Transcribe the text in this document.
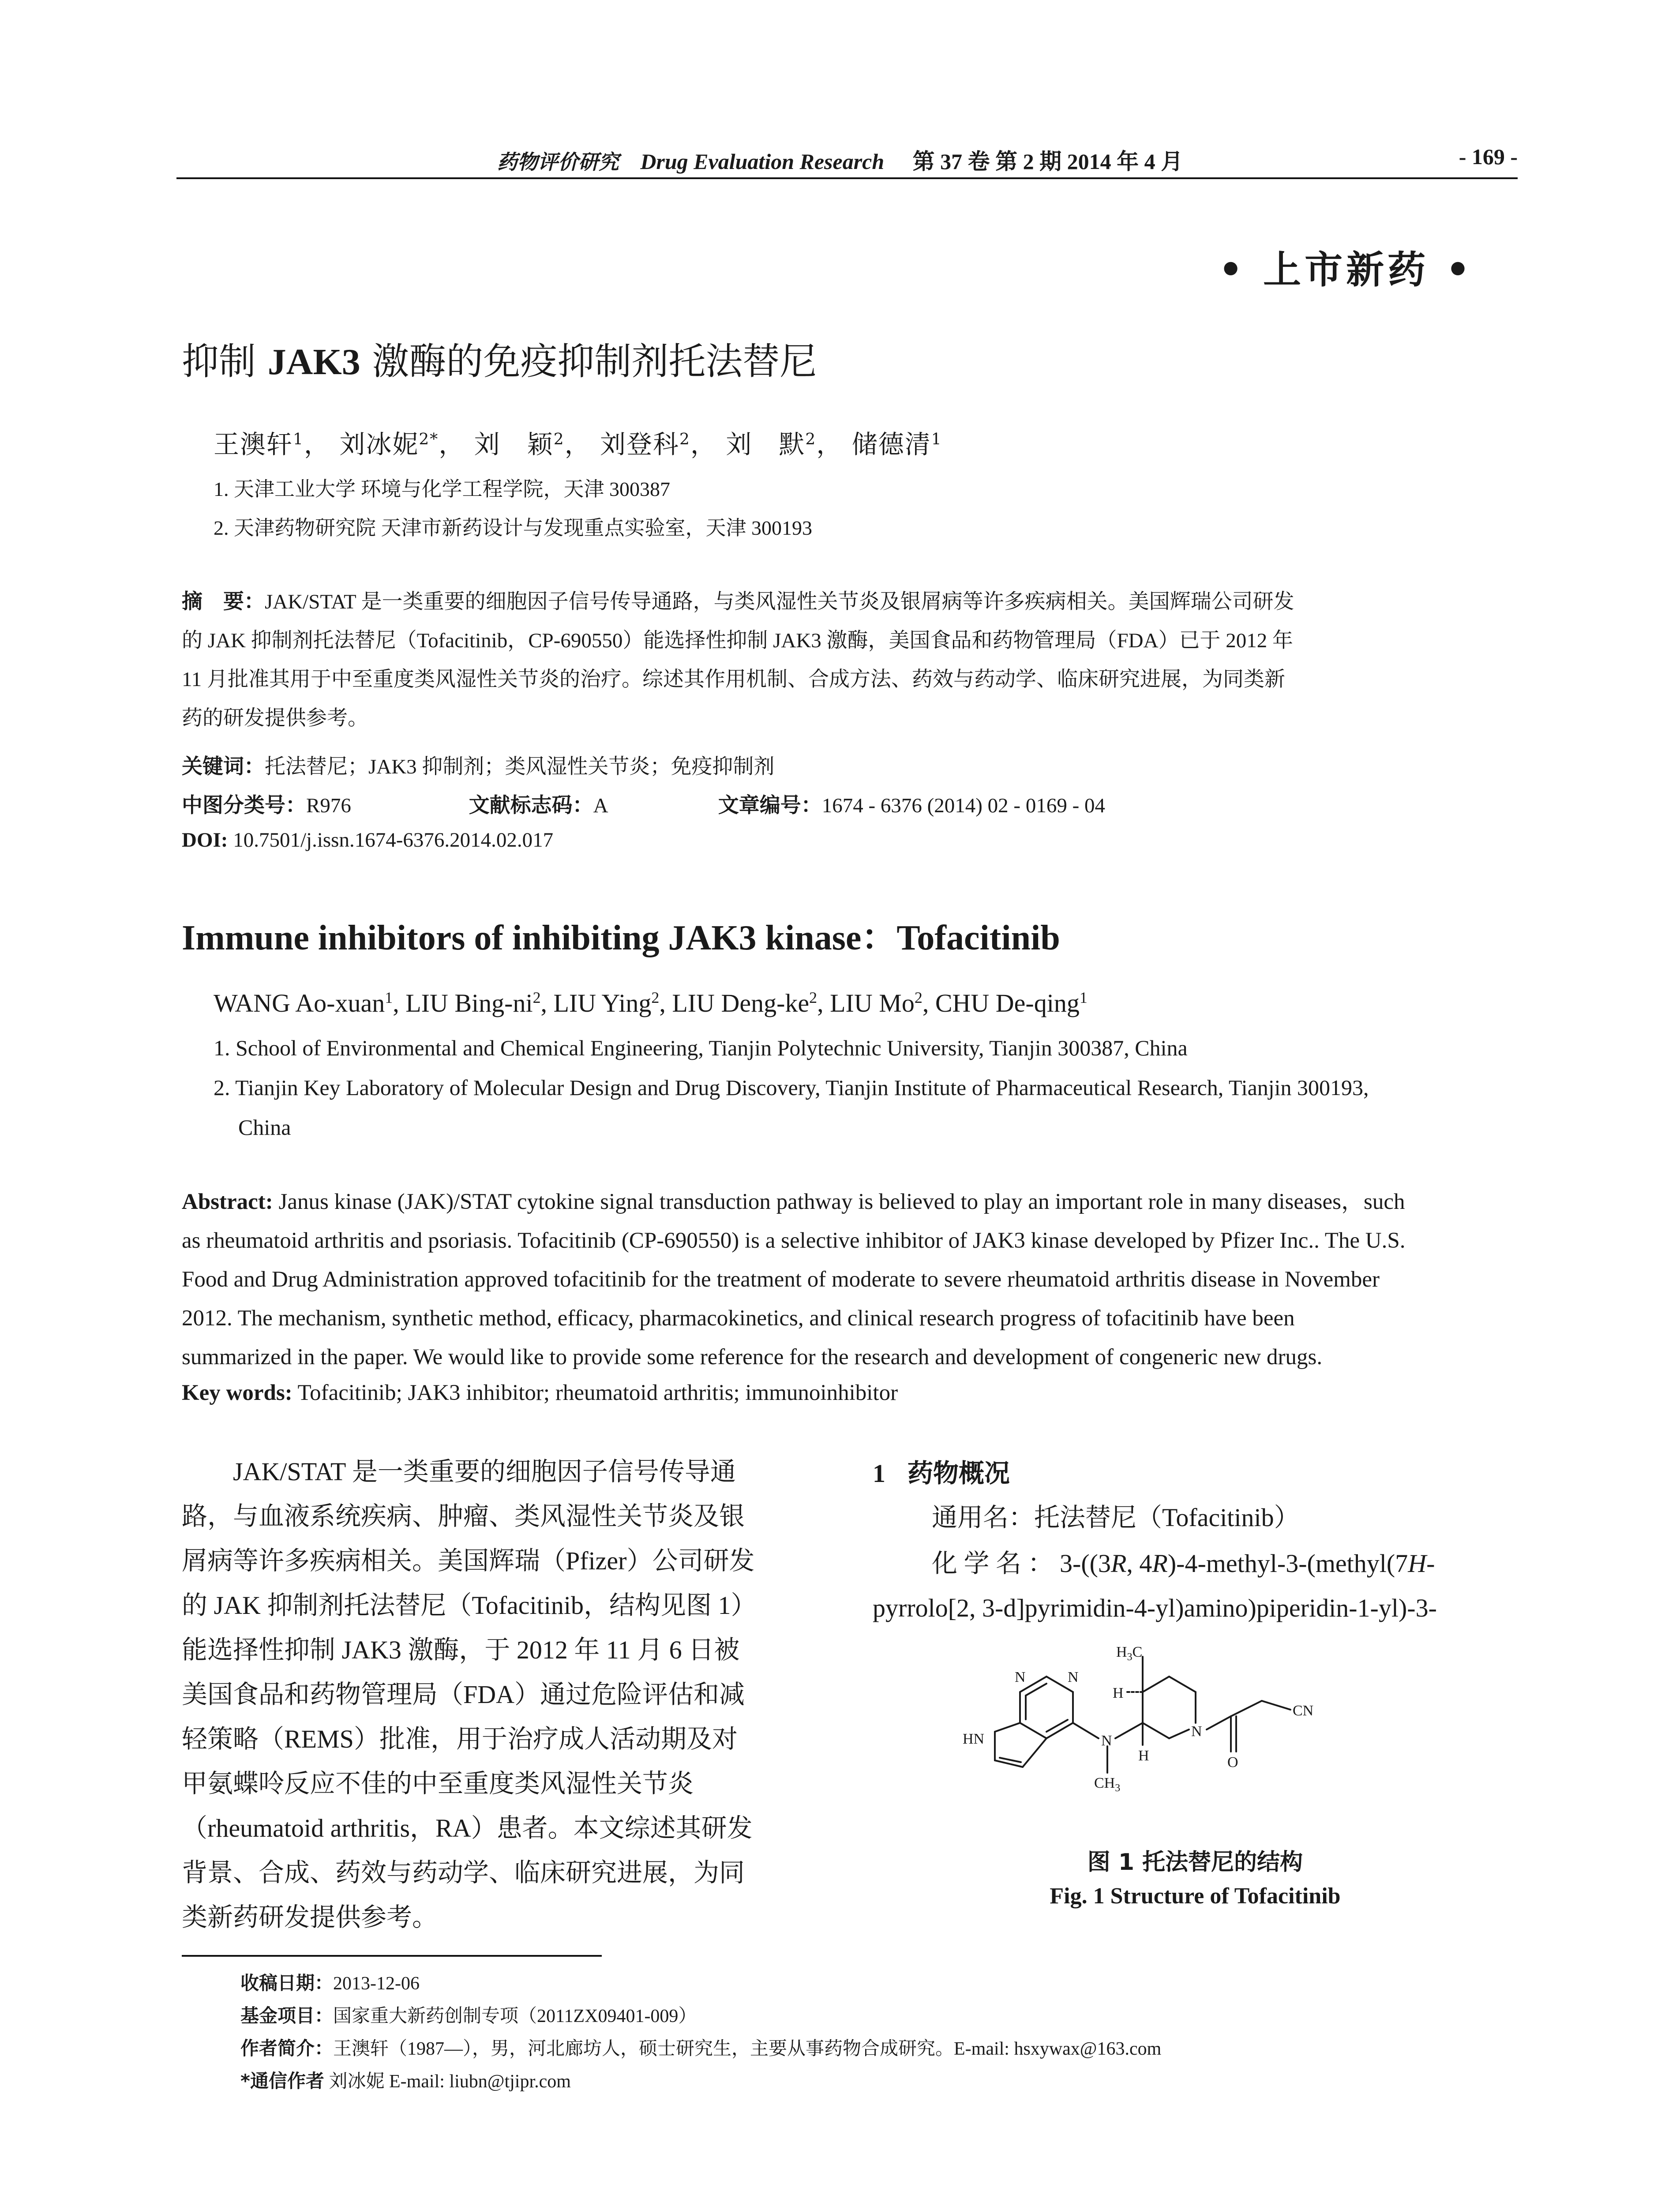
药物评价研究 Drug Evaluation Research 第 37 卷 第 2 期 2014 年 4 月	- 169 -
• 上市新药 •
抑制 JAK3 激酶的免疫抑制剂托法替尼
王澳轩$^1$， 刘冰妮$^{2*}$， 刘　颖$^2$， 刘登科$^2$， 刘　默$^2$， 储德清$^1$
1. 天津工业大学 环境与化学工程学院，天津 300387
2. 天津药物研究院 天津市新药设计与发现重点实验室，天津 300193
摘　要：JAK/STAT 是一类重要的细胞因子信号传导通路，与类风湿性关节炎及银屑病等许多疾病相关。美国辉瑞公司研发
的 JAK 抑制剂托法替尼（Tofacitinib，CP-690550）能选择性抑制 JAK3 激酶，美国食品和药物管理局（FDA）已于 2012 年
11 月批准其用于中至重度类风湿性关节炎的治疗。综述其作用机制、合成方法、药效与药动学、临床研究进展，为同类新
药的研发提供参考。
关键词：托法替尼；JAK3 抑制剂；类风湿性关节炎；免疫抑制剂
中图分类号：R976	文献标志码：A	文章编号：1674 - 6376 (2014) 02 - 0169 - 04
DOI: 10.7501/j.issn.1674-6376.2014.02.017
Immune inhibitors of inhibiting JAK3 kinase：Tofacitinib
WANG Ao-xuan$^1$, LIU Bing-$ni^2$, LIU Ying$^2$, LIU Deng-$ke^2$, LIU Mo$^2$, CHU De-qing$^1$
1. School of Environmental and Chemical Engineering, Tianjin Polytechnic University, Tianjin 300387, China
2. Tianjin Key Laboratory of Molecular Design and Drug Discovery, Tianjin Institute of Pharmaceutical Research, Tianjin 300193,
China
Abstract: Janus kinase (JAK)/STAT cytokine signal transduction pathway is believed to play an important role in many diseases，such
as rheumatoid arthritis and psoriasis. Tofacitinib (CP-690550) is a selective inhibitor of JAK3 kinase developed by Pfizer Inc.. The U.S.
Food and Drug Administration approved tofacitinib for the treatment of moderate to severe rheumatoid arthritis disease in November
2012. The mechanism, synthetic method, efficacy, pharmacokinetics, and clinical research progress of tofacitinib have been
summarized in the paper. We would like to provide some reference for the research and development of congeneric new drugs.
Key words: Tofacitinib; JAK3 inhibitor; rheumatoid arthritis; immunoinhibitor
JAK/STAT 是一类重要的细胞因子信号传导通
路，与血液系统疾病、肿瘤、类风湿性关节炎及银
屑病等许多疾病相关。美国辉瑞（Pfizer）公司研发
的 JAK 抑制剂托法替尼（Tofacitinib，结构见图 1）
能选择性抑制 JAK3 激酶，于 2012 年 11 月 6 日被
美国食品和药物管理局（FDA）通过危险评估和减
轻策略（REMS）批准，用于治疗成人活动期及对
甲氨蝶呤反应不佳的中至重度类风湿性关节炎
（rheumatoid arthritis，RA）患者。本文综述其研发
背景、合成、药效与药动学、临床研究进展，为同
类新药研发提供参考。
1 药物概况
通用名：托法替尼（Tofacitinib）
化 学 名 ： 3-((3R, 4R)-4-methyl-3-(methyl(7H-
pyrrolo[2, 3-d]pyrimidin-4-yl)amino)piperidin-1-yl)-3-
N	N
HN	N
$CH_3$
$H_3C$
H
H
N
O
CN
图 1 托法替尼的结构
Fig. 1 Structure of Tofacitinib
收稿日期：2013-12-06
基金项目：国家重大新药创制专项（2011ZX09401-009）
作者简介：王澳轩（1987—），男，河北廊坊人，硕士研究生，主要从事药物合成研究。E-mail: hsxywax@163.com
*通信作者 刘冰妮 E-mail: liubn@tjipr.com
